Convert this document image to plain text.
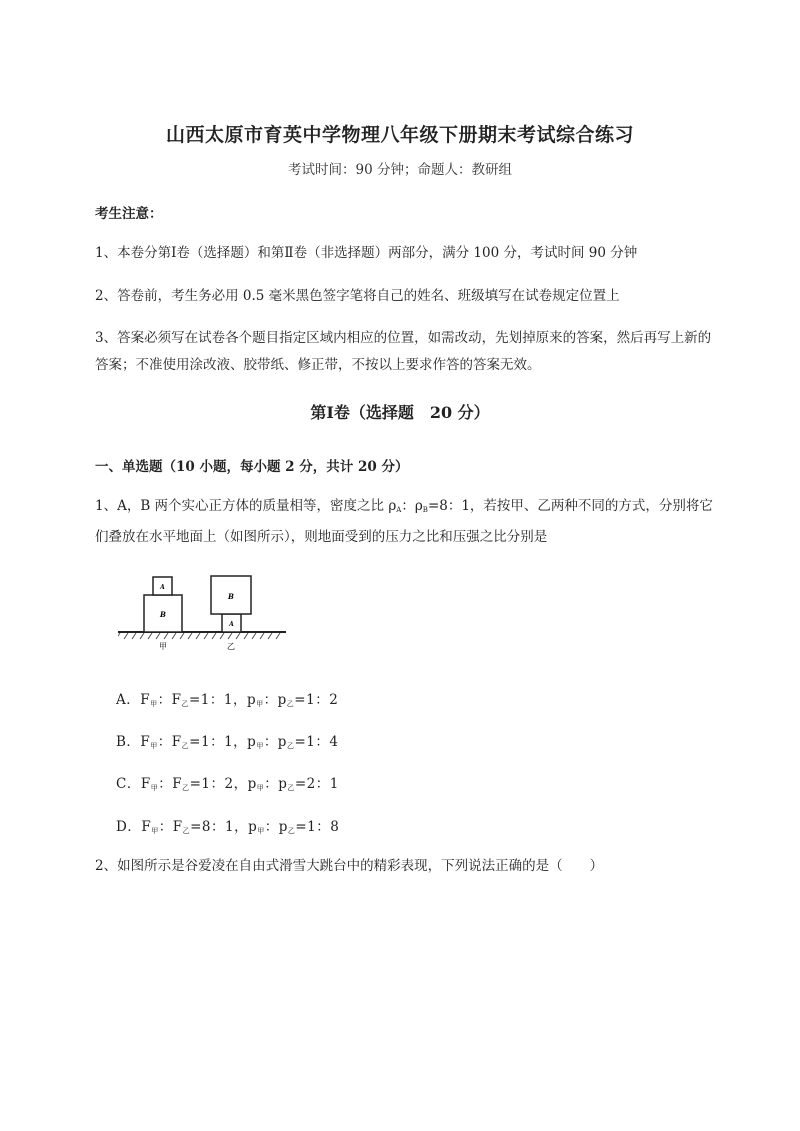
山西太原市育英中学物理八年级下册期末考试综合练习
考试时间：90 分钟；命题人：教研组
考生注意：
1、本卷分第Ⅰ卷（选择题）和第Ⅱ卷（非选择题）两部分，满分 100 分，考试时间 90 分钟
2、答卷前，考生务必用 0.5 毫米黑色签字笔将自己的姓名、班级填写在试卷规定位置上
3、答案必须写在试卷各个题目指定区域内相应的位置，如需改动，先划掉原来的答案，然后再写上新的答案；不准使用涂改液、胶带纸、修正带，不按以上要求作答的答案无效。
第Ⅰ卷（选择题　20 分）
一、单选题（10 小题，每小题 2 分，共计 20 分）
1、A，B 两个实心正方体的质量相等，密度之比 $\rho_A$：$\rho_B=8$：1，若按甲、乙两种不同的方式，分别将它们叠放在水平地面上（如图所示），则地面受到的压力之比和压强之比分别是
B
A
B
A
甲	乙
A．$F_甲$：$F_乙=1$：1，$p_甲$：$p_乙=1$：2
B．$F_甲$：$F_乙=1$：1，$p_甲$：$p_乙=1$：4
C．$F_甲$：$F_乙=1$：2，$p_甲$：$p_乙=2$：1
D．$F_甲$：$F_乙=8$：1，$p_甲$：$p_乙=1$：8
2、如图所示是谷爱凌在自由式滑雪大跳台中的精彩表现，下列说法正确的是（　　）
